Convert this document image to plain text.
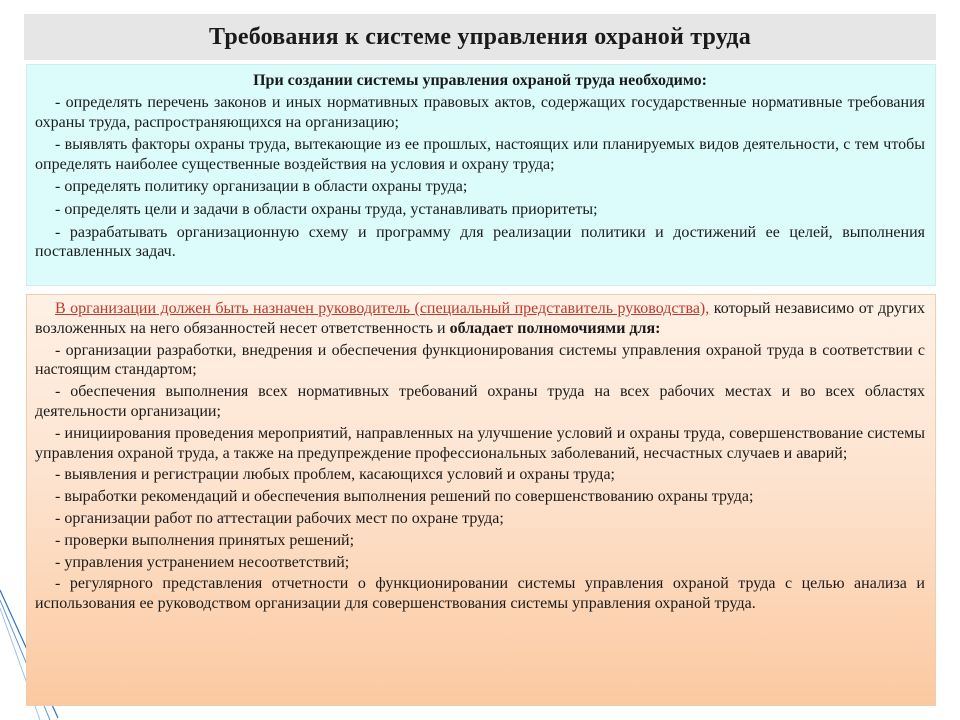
Требования к системе управления охраной труда

При создании системы управления охраной труда необходимо:

- определять перечень законов и иных нормативных правовых актов, содержащих государственные нормативные требования охраны труда, распространяющихся на организацию;

- выявлять факторы охраны труда, вытекающие из ее прошлых, настоящих или планируемых видов деятельности, с тем чтобы определять наиболее существенные воздействия на условия и охрану труда;

- определять политику организации в области охраны труда;

- определять цели и задачи в области охраны труда, устанавливать приоритеты;

- разрабатывать организационную схему и программу для реализации политики и достижений ее целей, выполнения поставленных задач.

В организации должен быть назначен руководитель (специальный представитель руководства), который независимо от других возложенных на него обязанностей несет ответственность и обладает полномочиями для:

- организации разработки, внедрения и обеспечения функционирования системы управления охраной труда в соответствии с настоящим стандартом;

- обеспечения выполнения всех нормативных требований охраны труда на всех рабочих местах и во всех областях деятельности организации;

- инициирования проведения мероприятий, направленных на улучшение условий и охраны труда, совершенствование системы управления охраной труда, а также на предупреждение профессиональных заболеваний, несчастных случаев и аварий;

- выявления и регистрации любых проблем, касающихся условий и охраны труда;

- выработки рекомендаций и обеспечения выполнения решений по совершенствованию охраны труда;

- организации работ по аттестации рабочих мест по охране труда;

- проверки выполнения принятых решений;

- управления устранением несоответствий;

- регулярного представления отчетности о функционировании системы управления охраной труда с целью анализа и использования ее руководством организации для совершенствования системы управления охраной труда.
